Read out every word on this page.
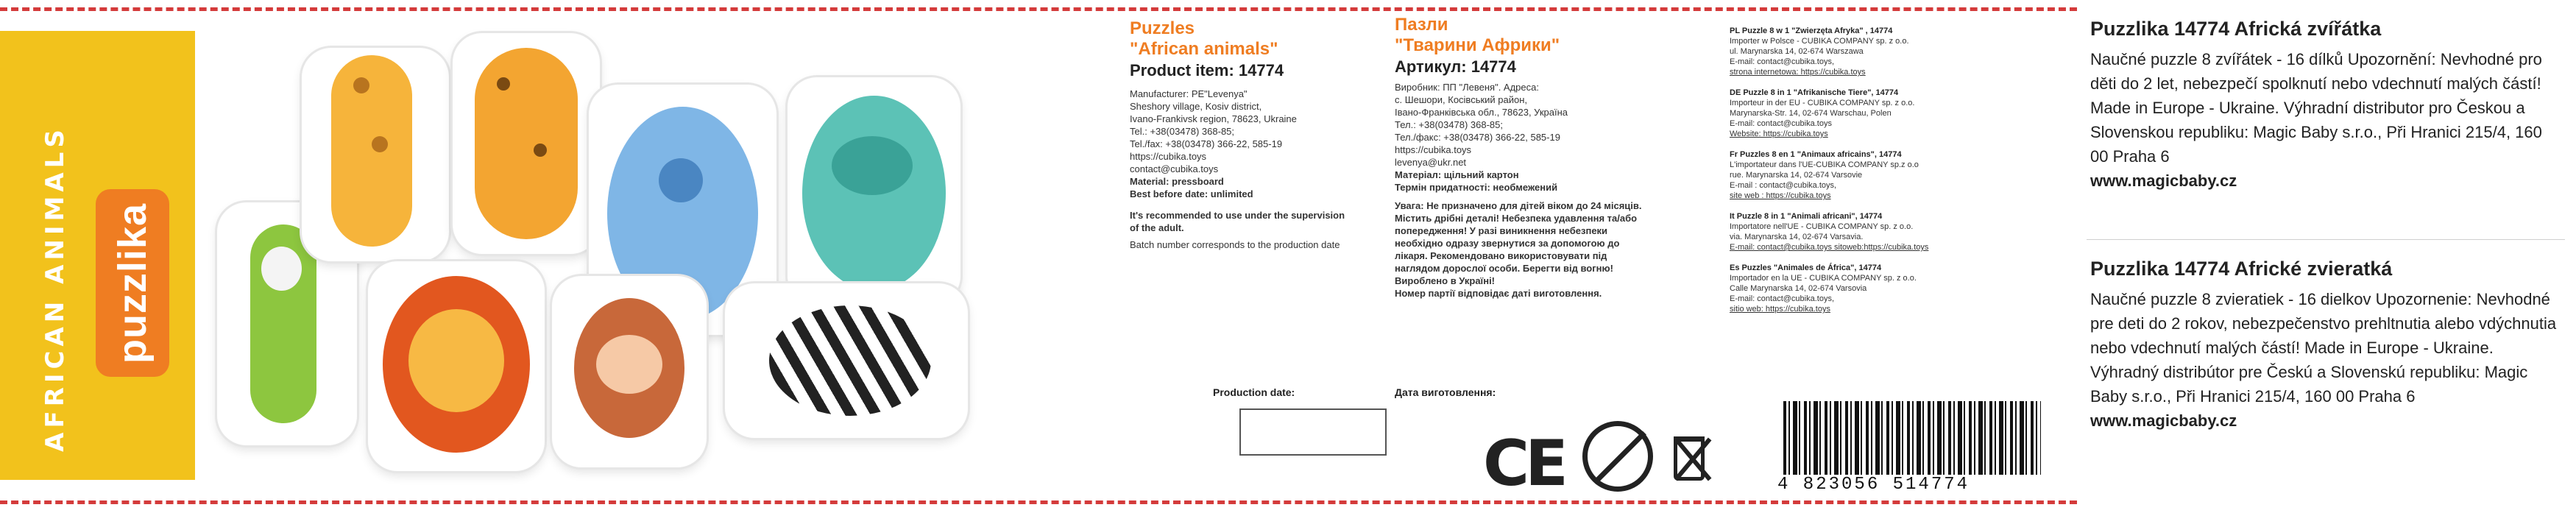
AFRICAN ANIMALS puzzlika
Puzzles
"African animals"
Product item: 14774
Manufacturer: PE"Levenya"
Sheshory village, Kosiv district,
Ivano-Frankivsk region, 78623, Ukraine
Tel.: +38(03478) 368-85;
Tel./fax: +38(03478) 366-22, 585-19
https://cubika.toys
contact@cubika.toys
Material: pressboard
Best before date: unlimited
It's recommended to use under the supervision of the adult.
Batch number corresponds to the production date
Пазли
"Тварини Африки"
Артикул: 14774
Виробник: ПП "Левеня". Адреса:
с. Шешори, Косівський район,
Івано-Франківська обл., 78623, Україна
Тел.: +38(03478) 368-85;
Тел./факс: +38(03478) 366-22, 585-19
https://cubika.toys
levenya@ukr.net
Матеріал: щільний картон
Термін придатності: необмежений
Увага: Не призначено для дітей віком до 24 місяців. Містить дрібні деталі! Небезпека удавлення та/або попередження! У разі виникнення небезпеки необхідно одразу звернутися за допомогою до лікаря. Рекомендовано використовувати під наглядом дорослої особи. Берегти від вогню! Вироблено в Україні!
Номер партії відповідає даті виготовлення.
PL Puzzle 8 w 1 "Zwierzęta Afryka" , 14774
Importer w Polsce - CUBIKA COMPANY sp. z o.o.
ul. Marynarska 14, 02-674 Warszawa
E-mail: contact@cubika.toys,
strona internetowa: https://cubika.toys
DE Puzzle 8 in 1 "Afrikanische Tiere", 14774
Importeur in der EU - CUBIKA COMPANY sp. z o.o.
Marynarska-Str. 14, 02-674 Warschau, Polen
E-mail: contact@cubika.toys
Website: https://cubika.toys
Fr Puzzles 8 en 1 "Animaux africains", 14774
L'importateur dans l'UE-CUBIKA COMPANY sp.z o.o
rue. Marynarska 14, 02-674 Varsovie
E-mail : contact@cubika.toys,
site web : https://cubika.toys
It Puzzle 8 in 1 "Animali africani", 14774
Importatore nell'UE - CUBIKA COMPANY sp. z o.o.
via. Marynarska 14, 02-674 Varsavia.
E-mail: contact@cubika.toys sitoweb:https://cubika.toys
Es Puzzles "Animales de África", 14774
Importador en la UE - CUBIKA COMPANY sp. z o.o.
Calle Marynarska 14, 02-674 Varsovia
E-mail: contact@cubika.toys,
sitio web: https://cubika.toys
Production date:	Дата виготовлення:
CE	4 823056 514774
Puzzlika 14774 Africká zvířátka

Naučné puzzle 8 zvířátek - 16 dílků Upozornění: Nevhodné pro děti do 2 let, nebezpečí spolknutí nebo vdechnutí malých částí! Made in Europe - Ukraine. Výhradní distributor pro Českou a Slovenskou republiku: Magic Baby s.r.o., Při Hranici 215/4, 160 00 Praha 6

www.magicbaby.cz
Puzzlika 14774 Africké zvieratká

Naučné puzzle 8 zvieratiek - 16 dielkov Upozornenie: Nevhodné pre deti do 2 rokov, nebezpečenstvo prehltnutia alebo vdýchnutia nebo vdechnutí malých částí! Made in Europe - Ukraine. Výhradný distribútor pre Českú a Slovenskú republiku: Magic Baby s.r.o., Při Hranici 215/4, 160 00 Praha 6

www.magicbaby.cz
